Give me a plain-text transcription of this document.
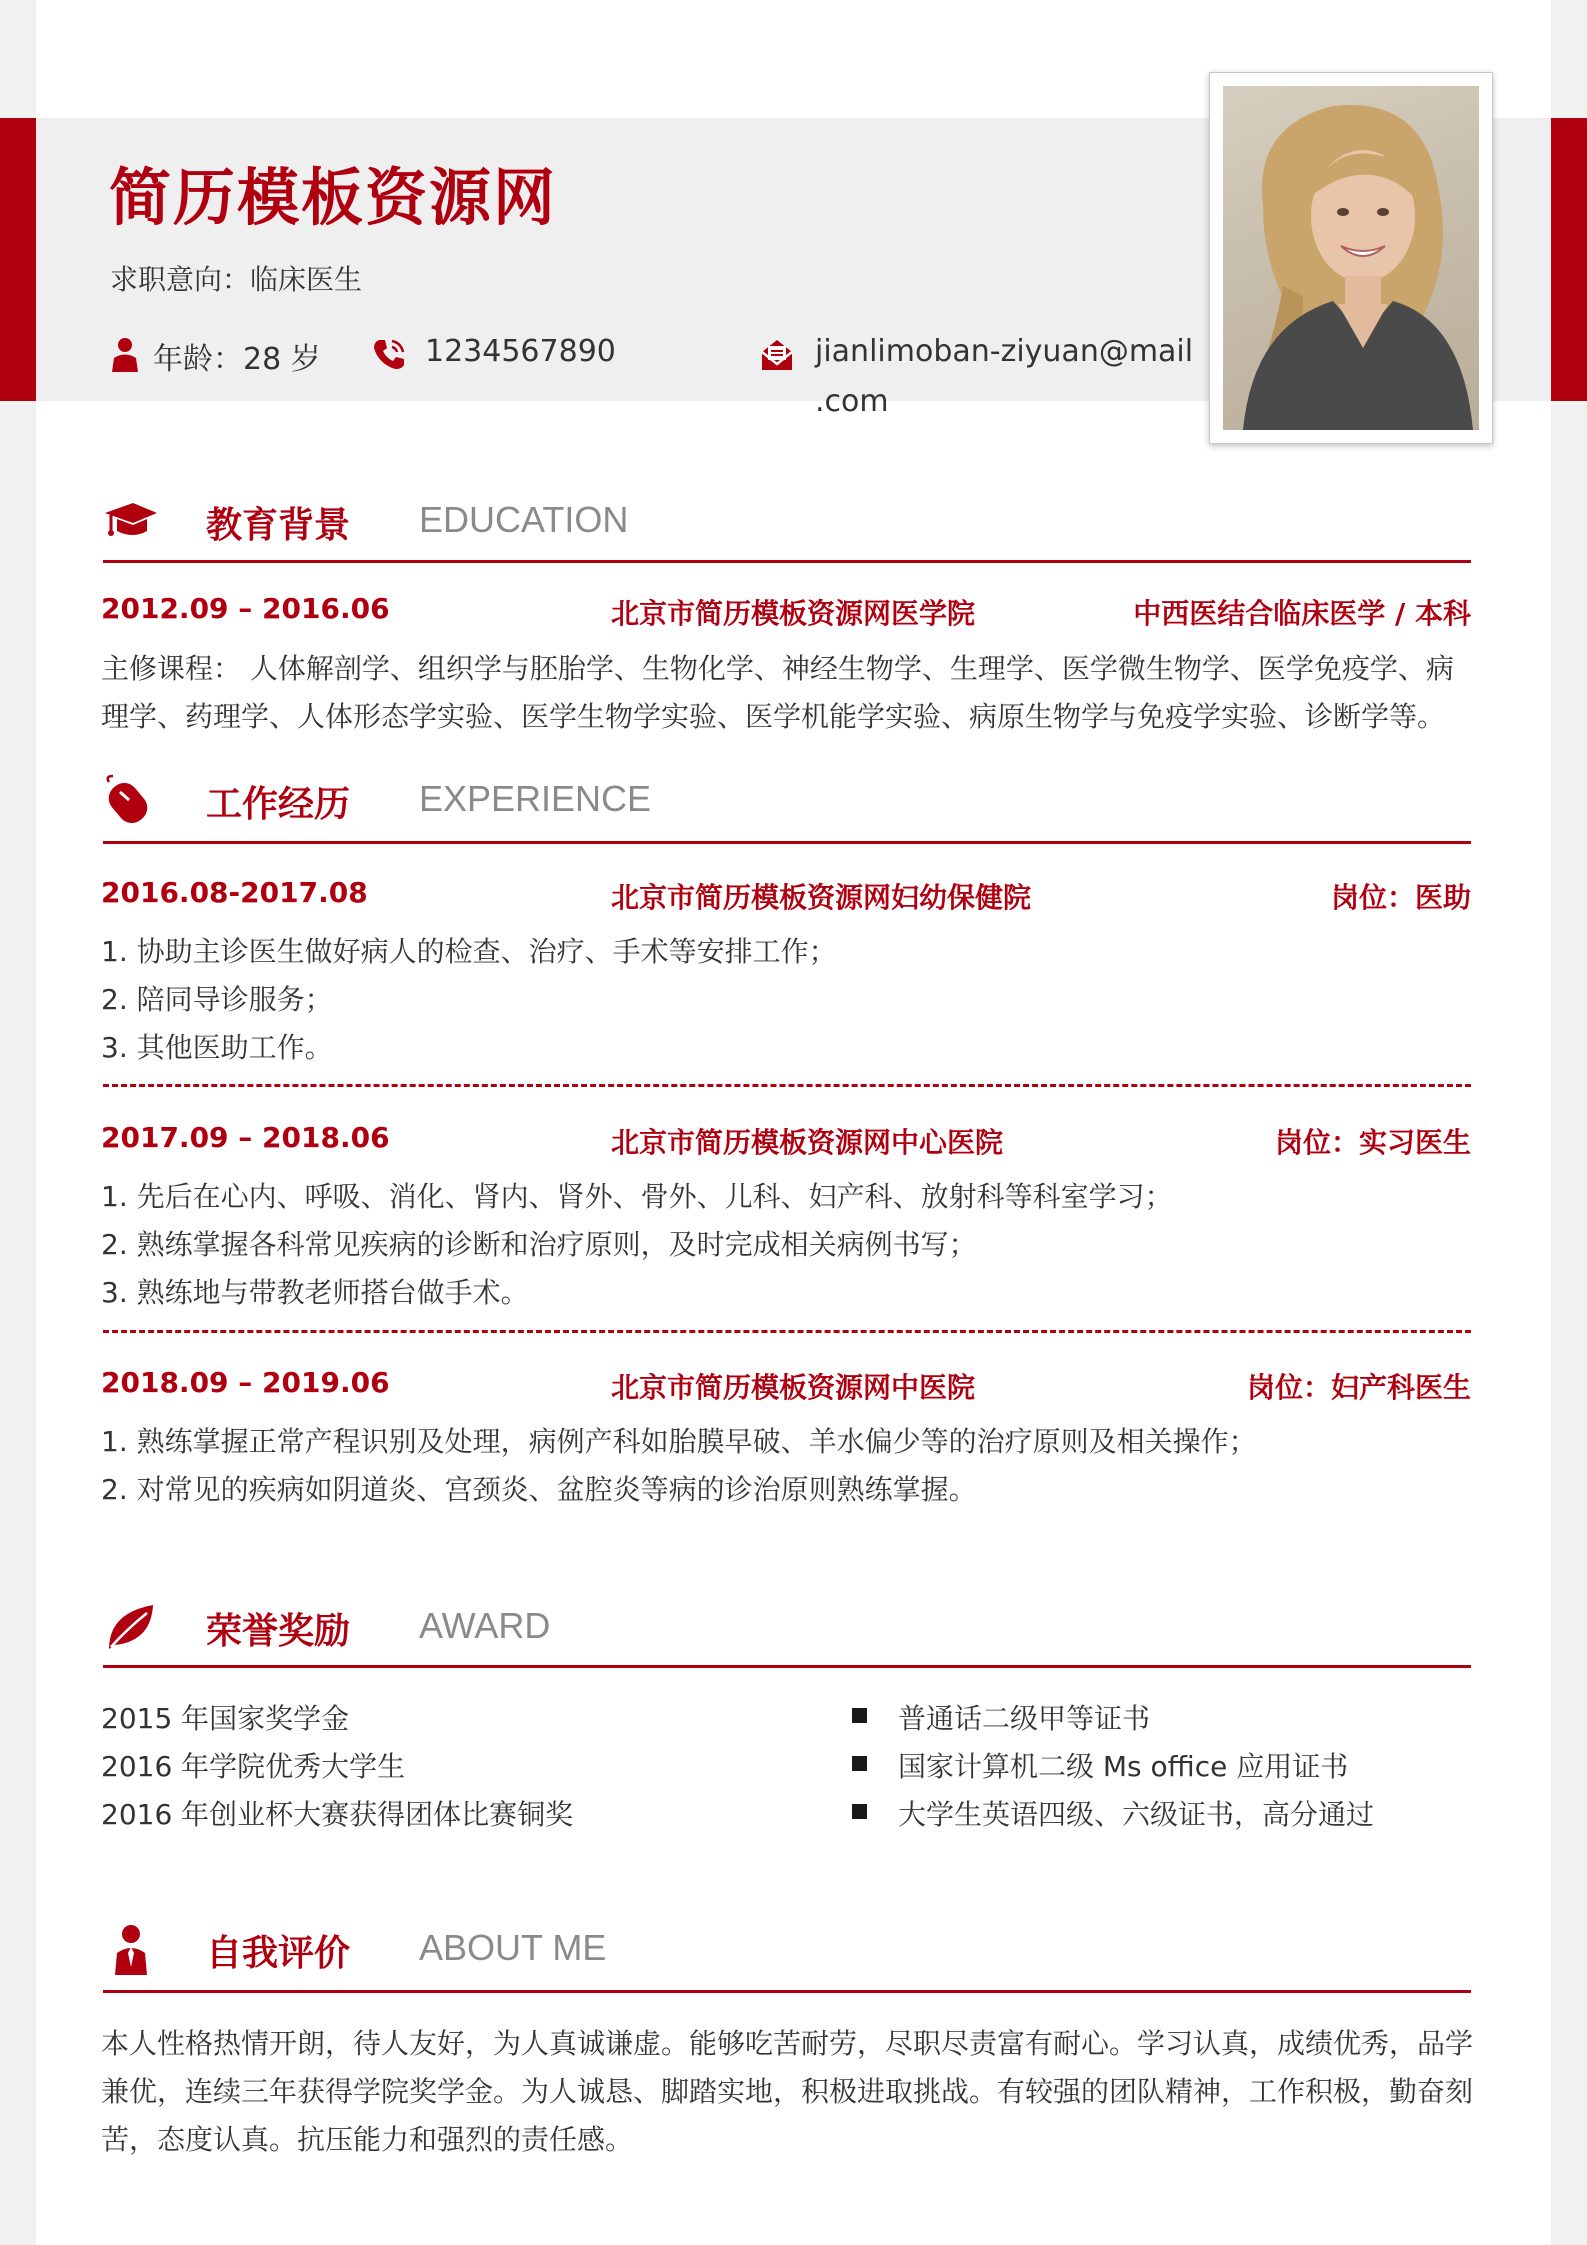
简历模板资源网
求职意向：临床医生
年龄：28 岁	1234567890	jianlimoban-ziyuan@mail
.com
教育背景 EDUCATION
2012.09 – 2016.06	北京市简历模板资源网医学院	中西医结合临床医学 / 本科
主修课程： 人体解剖学、组织学与胚胎学、生物化学、神经生物学、生理学、医学微生物学、医学免疫学、病
理学、药理学、人体形态学实验、医学生物学实验、医学机能学实验、病原生物学与免疫学实验、诊断学等。
工作经历 EXPERIENCE
2016.08-2017.08	北京市简历模板资源网妇幼保健院	岗位：医助
1. 协助主诊医生做好病人的检查、治疗、手术等安排工作；
2. 陪同导诊服务；
3. 其他医助工作。
2017.09 – 2018.06	北京市简历模板资源网中心医院	岗位：实习医生
1. 先后在心内、呼吸、消化、肾内、肾外、骨外、儿科、妇产科、放射科等科室学习；
2. 熟练掌握各科常见疾病的诊断和治疗原则，及时完成相关病例书写；
3. 熟练地与带教老师搭台做手术。
2018.09 – 2019.06	北京市简历模板资源网中医院	岗位：妇产科医生
1. 熟练掌握正常产程识别及处理，病例产科如胎膜早破、羊水偏少等的治疗原则及相关操作；
2. 对常见的疾病如阴道炎、宫颈炎、盆腔炎等病的诊治原则熟练掌握。
荣誉奖励 AWARD
2015 年国家奖学金
2016 年学院优秀大学生
2016 年创业杯大赛获得团体比赛铜奖
普通话二级甲等证书
国家计算机二级 Ms office 应用证书
大学生英语四级、六级证书，高分通过
自我评价 ABOUT ME
本人性格热情开朗，待人友好，为人真诚谦虚。能够吃苦耐劳，尽职尽责富有耐心。学习认真，成绩优秀，品学
兼优，连续三年获得学院奖学金。为人诚恳、脚踏实地，积极进取挑战。有较强的团队精神，工作积极，勤奋刻
苦，态度认真。抗压能力和强烈的责任感。
